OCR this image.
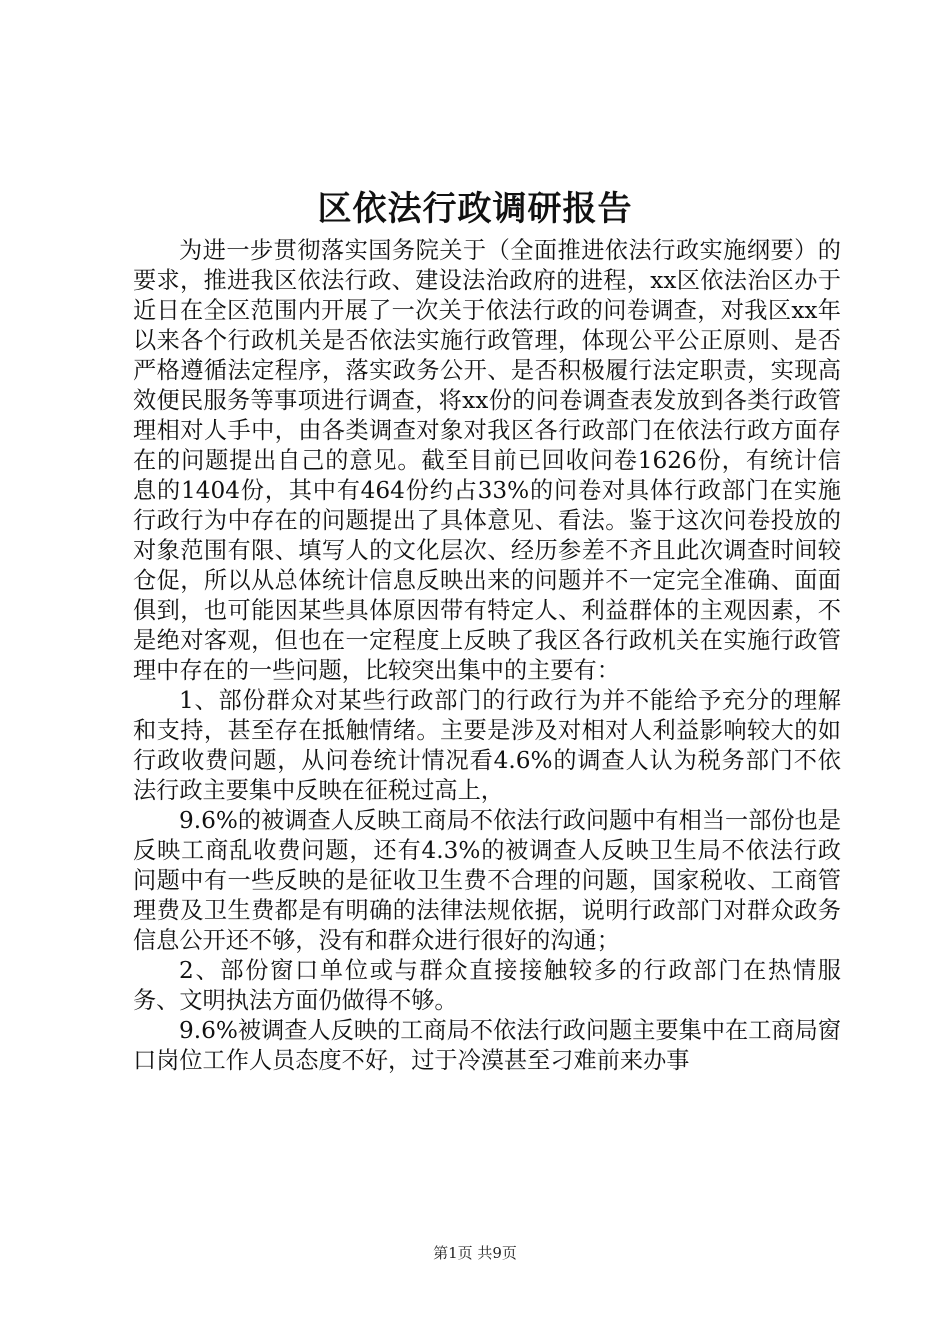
区依法行政调研报告

为进一步贯彻落实国务院关于（全面推进依法行政实施纲要）的要求，推进我区依法行政、建设法治政府的进程，xx区依法治区办于近日在全区范围内开展了一次关于依法行政的问卷调查，对我区xx年以来各个行政机关是否依法实施行政管理，体现公平公正原则、是否严格遵循法定程序，落实政务公开、是否积极履行法定职责，实现高效便民服务等事项进行调查，将xx份的问卷调查表发放到各类行政管理相对人手中，由各类调查对象对我区各行政部门在依法行政方面存在的问题提出自己的意见。截至目前已回收问卷1626份，有统计信息的1404份，其中有464份约占33%的问卷对具体行政部门在实施行政行为中存在的问题提出了具体意见、看法。鉴于这次问卷投放的对象范围有限、填写人的文化层次、经历参差不齐且此次调查时间较仓促，所以从总体统计信息反映出来的问题并不一定完全准确、面面俱到，也可能因某些具体原因带有特定人、利益群体的主观因素，不是绝对客观，但也在一定程度上反映了我区各行政机关在实施行政管理中存在的一些问题，比较突出集中的主要有：

1、部份群众对某些行政部门的行政行为并不能给予充分的理解和支持，甚至存在抵触情绪。主要是涉及对相对人利益影响较大的如行政收费问题，从问卷统计情况看4.6%的调查人认为税务部门不依法行政主要集中反映在征税过高上，

9.6%的被调查人反映工商局不依法行政问题中有相当一部份也是反映工商乱收费问题，还有4.3%的被调查人反映卫生局不依法行政问题中有一些反映的是征收卫生费不合理的问题，国家税收、工商管理费及卫生费都是有明确的法律法规依据，说明行政部门对群众政务信息公开还不够，没有和群众进行很好的沟通；

2、部份窗口单位或与群众直接接触较多的行政部门在热情服务、文明执法方面仍做得不够。

9.6%被调查人反映的工商局不依法行政问题主要集中在工商局窗口岗位工作人员态度不好，过于冷漠甚至刁难前来办事

第1页 共9页
